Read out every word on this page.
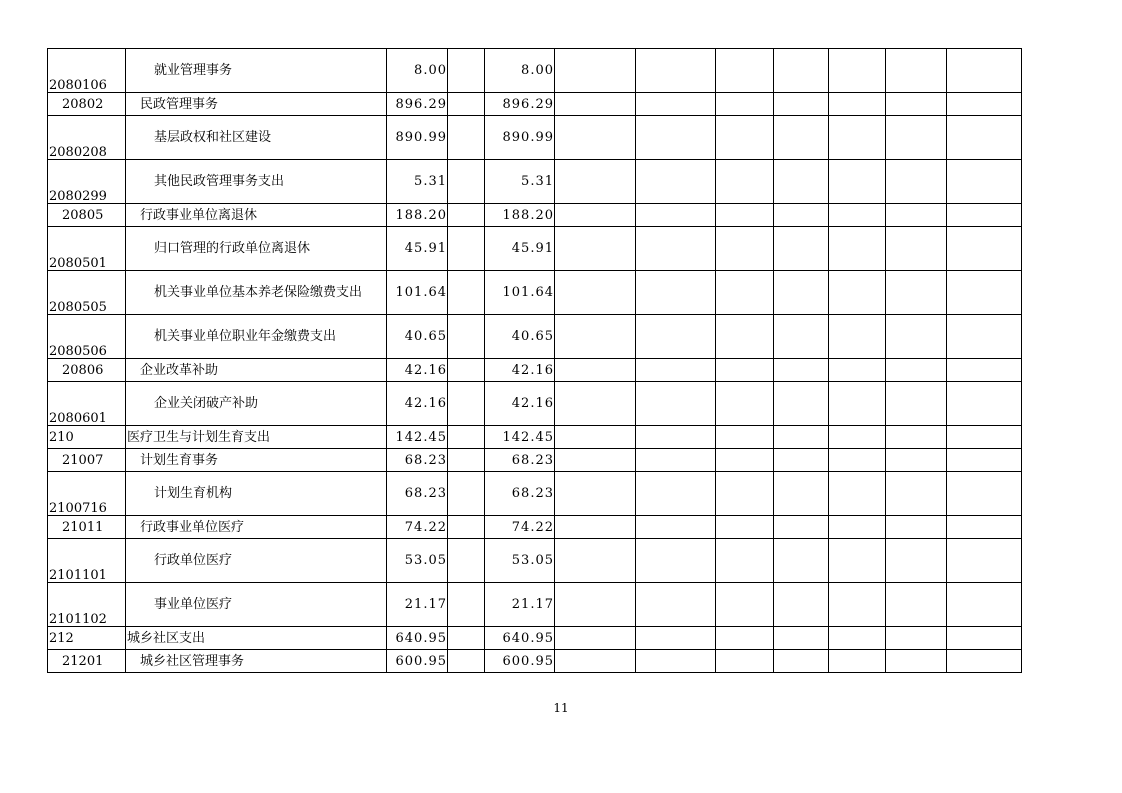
2080106	就业管理事务	8.00		8.00							
20802	民政管理事务	896.29		896.29							
2080208	基层政权和社区建设	890.99		890.99							
2080299	其他民政管理事务支出	5.31		5.31							
20805	行政事业单位离退休	188.20		188.20							
2080501	归口管理的行政单位离退休	45.91		45.91							
2080505	机关事业单位基本养老保险缴费支出	101.64		101.64							
2080506	机关事业单位职业年金缴费支出	40.65		40.65							
20806	企业改革补助	42.16		42.16							
2080601	企业关闭破产补助	42.16		42.16							
210	医疗卫生与计划生育支出	142.45		142.45							
21007	计划生育事务	68.23		68.23							
2100716	计划生育机构	68.23		68.23							
21011	行政事业单位医疗	74.22		74.22							
2101101	行政单位医疗	53.05		53.05							
2101102	事业单位医疗	21.17		21.17							
212	城乡社区支出	640.95		640.95							
21201	城乡社区管理事务	600.95		600.95							
11
